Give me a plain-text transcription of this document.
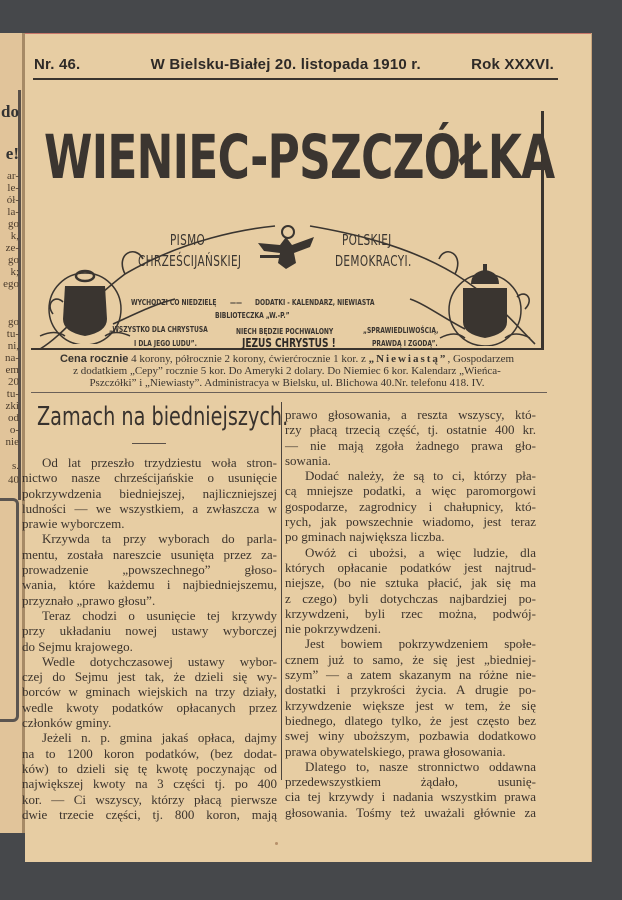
do
e!
ar-
le-
ół-
la-
go
k,
ze-
go
k;
ego
go
tu-
ni,
na-
em
20
tu-
zki
od
o-
nie
s.
40
Nr. 46.	W Bielsku-Białej 20. listopada 1910 r.	Rok XXXVI.
WIENIEC-PSZCZÓŁKA
PISMO
CHRZEŚCIJAŃSKIEJ
POLSKIEJ
DEMOKRACYI.
WYCHODZI CO NIEDZIELĘ —— DODATKI - KALENDARZ, NIEWIASTA
BIBLIOTECZKA „W.-P.”
„WSZYSTKO DLA CHRYSTUSA
I DLA JEGO LUDU”.
NIECH BĘDZIE POCHWALONY
JEZUS CHRYSTUS !
„SPRAWIEDLIWOŚCIĄ,
PRAWDĄ I ZGODĄ”.
Cena rocznie 4 korony, półrocznie 2 korony, ćwierćrocznie 1 kor. z „Niewiastą”, Gospodarzem
z dodatkiem „Cepy” rocznie 5 kor. Do Ameryki 2 dolary. Do Niemiec 6 kor. Kalendarz „Wieńca-
Pszczółki” i „Niewiasty”. Administracya w Bielsku, ul. Blichowa 40.Nr. telefonu 418. IV.
Zamach na biedniejszych.
Od lat przeszło trzydziestu woła stron-
nictwo nasze chrześcijańskie o usunięcie
pokrzywdzenia biedniejszej, najliczniejszej
ludności — we wszystkiem, a zwłaszcza w
prawie wyborczem.
Krzywda ta przy wyborach do parla-
mentu, została nareszcie usunięta przez za-
prowadzenie „powszechnego” głoso-
wania, które każdemu i najbiedniejszemu,
przyznało „prawo głosu”.
Teraz chodzi o usunięcie tej krzywdy
przy układaniu nowej ustawy wyborczej
do Sejmu krajowego.
Wedle dotychczasowej ustawy wybor-
czej do Sejmu jest tak, że dzieli się wy-
borców w gminach wiejskich na trzy działy,
wedle kwoty podatków opłacanych przez
członków gminy.
Jeżeli n. p. gmina jakaś opłaca, dajmy
na to 1200 koron podatków, (bez dodat-
ków) to dzieli się tę kwotę poczynając od
największej kwoty na 3 części tj. po 400
kor. — Ci wszyscy, którzy płacą pierwsze
dwie trzecie części, tj. 800 koron, mają
prawo głosowania, a reszta wszyscy, któ-
rzy płacą trzecią część, tj. ostatnie 400 kr.
— nie mają zgoła żadnego prawa gło-
sowania.
Dodać należy, że są to ci, którzy pła-
cą mniejsze podatki, a więc paromorgowi
gospodarze, zagrodnicy i chałupnicy, któ-
rych, jak powszechnie wiadomo, jest teraz
po gminach największa liczba.
Owóż ci ubożsi, a więc ludzie, dla
których opłacanie podatków jest najtrud-
niejsze, (bo nie sztuka płacić, jak się ma
z czego) byli dotychczas najbardziej po-
krzywdzeni, byli rzec można, podwój-
nie pokrzywdzeni.
Jest bowiem pokrzywdzeniem społe-
cznem już to samo, że się jest „biedniej-
szym” — a zatem skazanym na różne nie-
dostatki i przykrości życia. A drugie po-
krzywdzenie większe jest w tem, że się
biednego, dlatego tylko, że jest często bez
swej winy uboższym, pozbawia dodatkowo
prawa obywatelskiego, prawa głosowania.
Dlatego to, nasze stronnictwo oddawna
przedewszystkiem żądało, usunię-
cia tej krzywdy i nadania wszystkim prawa
głosowania. Tośmy też uważali głównie za
